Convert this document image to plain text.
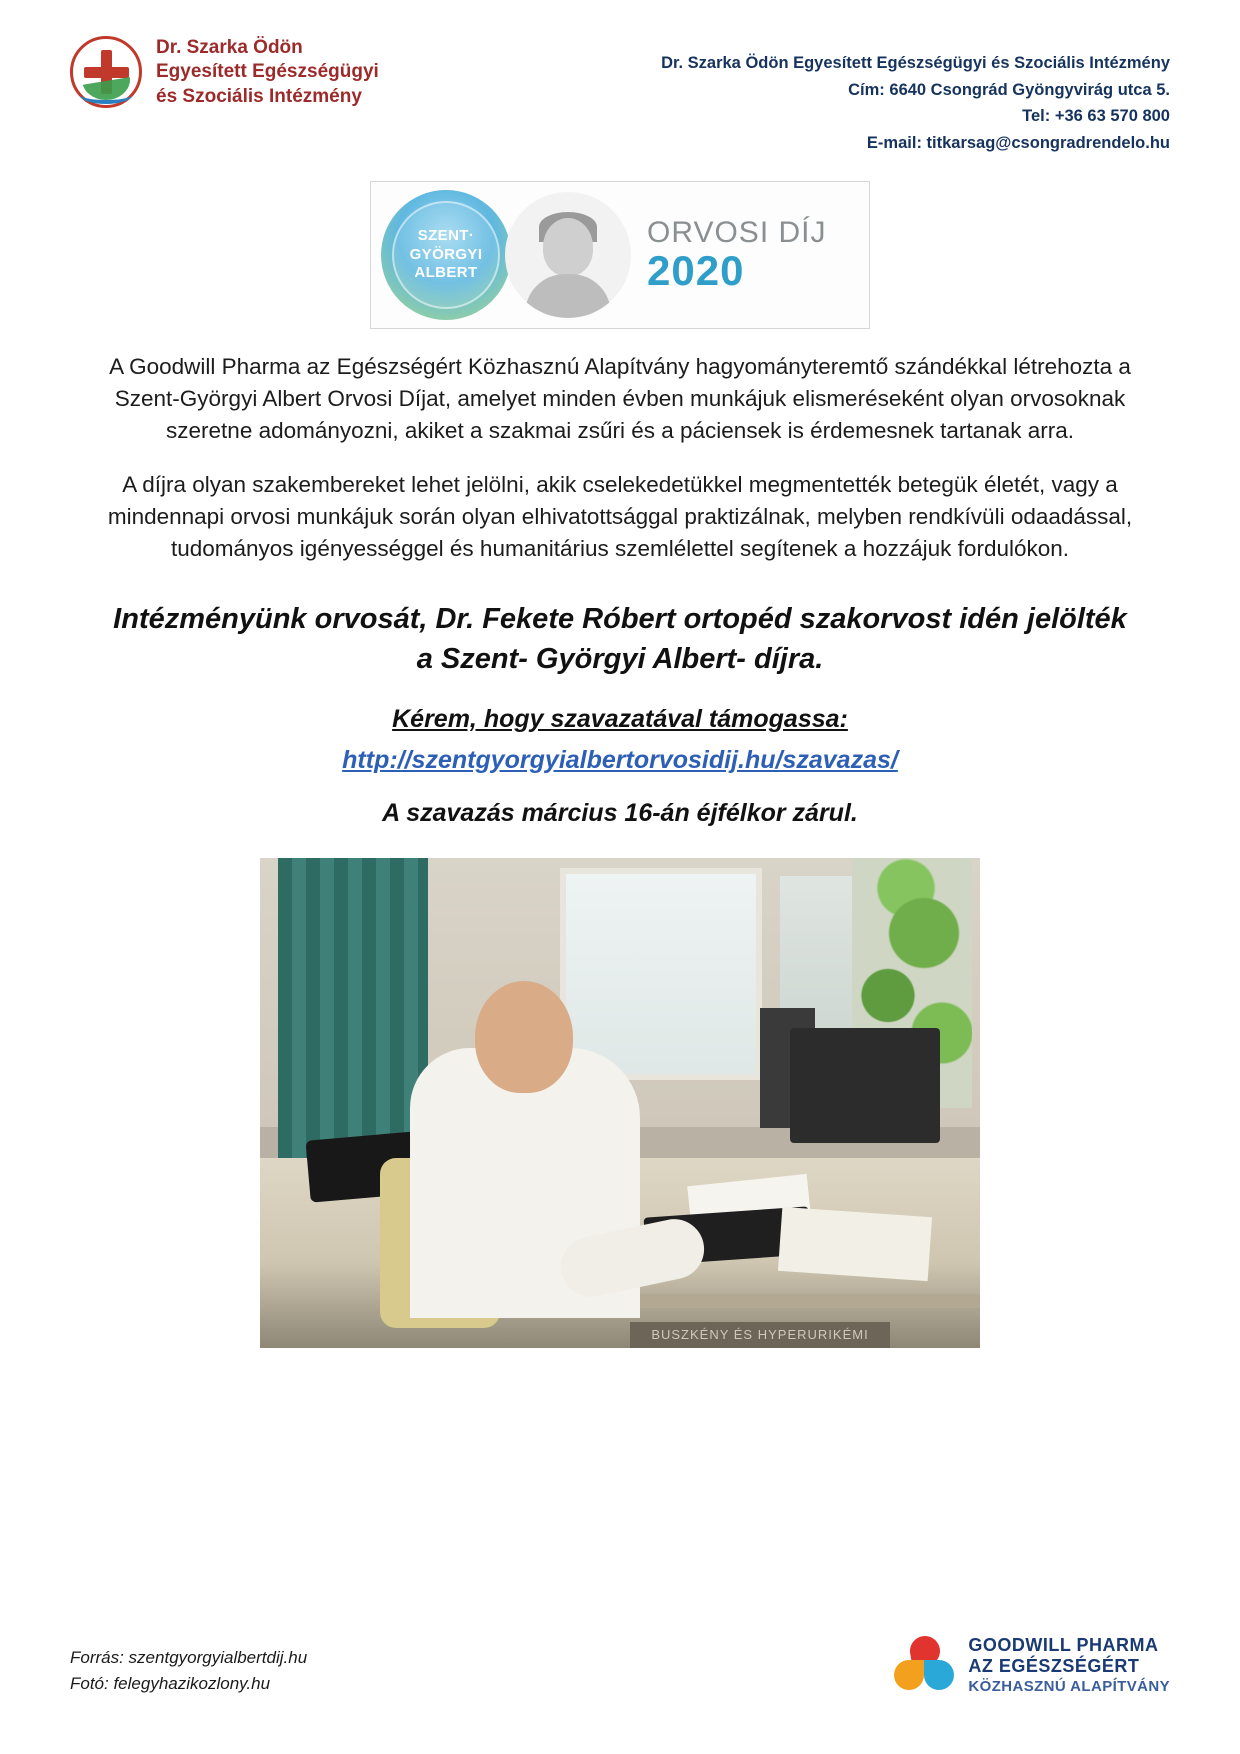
Dr. Szarka Ödön
Egyesített Egészségügyi
és Szociális Intézmény
Dr. Szarka Ödön Egyesített Egészségügyi és Szociális Intézmény
Cím: 6640 Csongrád Gyöngyvirág utca 5.
Tel: +36 63 570 800
E-mail: titkarsag@csongradrendelo.hu
SZENT·
GYÖRGYI
ALBERT
ORVOSI DÍJ
2020

A Goodwill Pharma az Egészségért Közhasznú Alapítvány hagyományteremtő szándékkal létrehozta a Szent-Györgyi Albert Orvosi Díjat, amelyet minden évben munkájuk elismeréseként olyan orvosoknak szeretne adományozni, akiket a szakmai zsűri és a páciensek is érdemesnek tartanak arra.

A díjra olyan szakembereket lehet jelölni, akik cselekedetükkel megmentették betegük életét, vagy a mindennapi orvosi munkájuk során olyan elhivatottsággal praktizálnak, melyben rendkívüli odaadással, tudományos igényességgel és humanitárius szemlélettel segítenek a hozzájuk fordulókon.

Intézményünk orvosát, Dr. Fekete Róbert ortopéd szakorvost idén jelölték a Szent- Györgyi Albert- díjra.
Kérem, hogy szavazatával támogassa:
http://szentgyorgyialbertorvosidij.hu/szavazas/
A szavazás március 16-án éjfélkor zárul.
BUSZKÉNY ÉS HYPERURIKÉMI
Forrás: szentgyorgyialbertdij.hu
Fotó: felegyhazikozlony.hu
GOODWILL PHARMA
AZ EGÉSZSÉGÉRT
KÖZHASZNÚ ALAPÍTVÁNY
